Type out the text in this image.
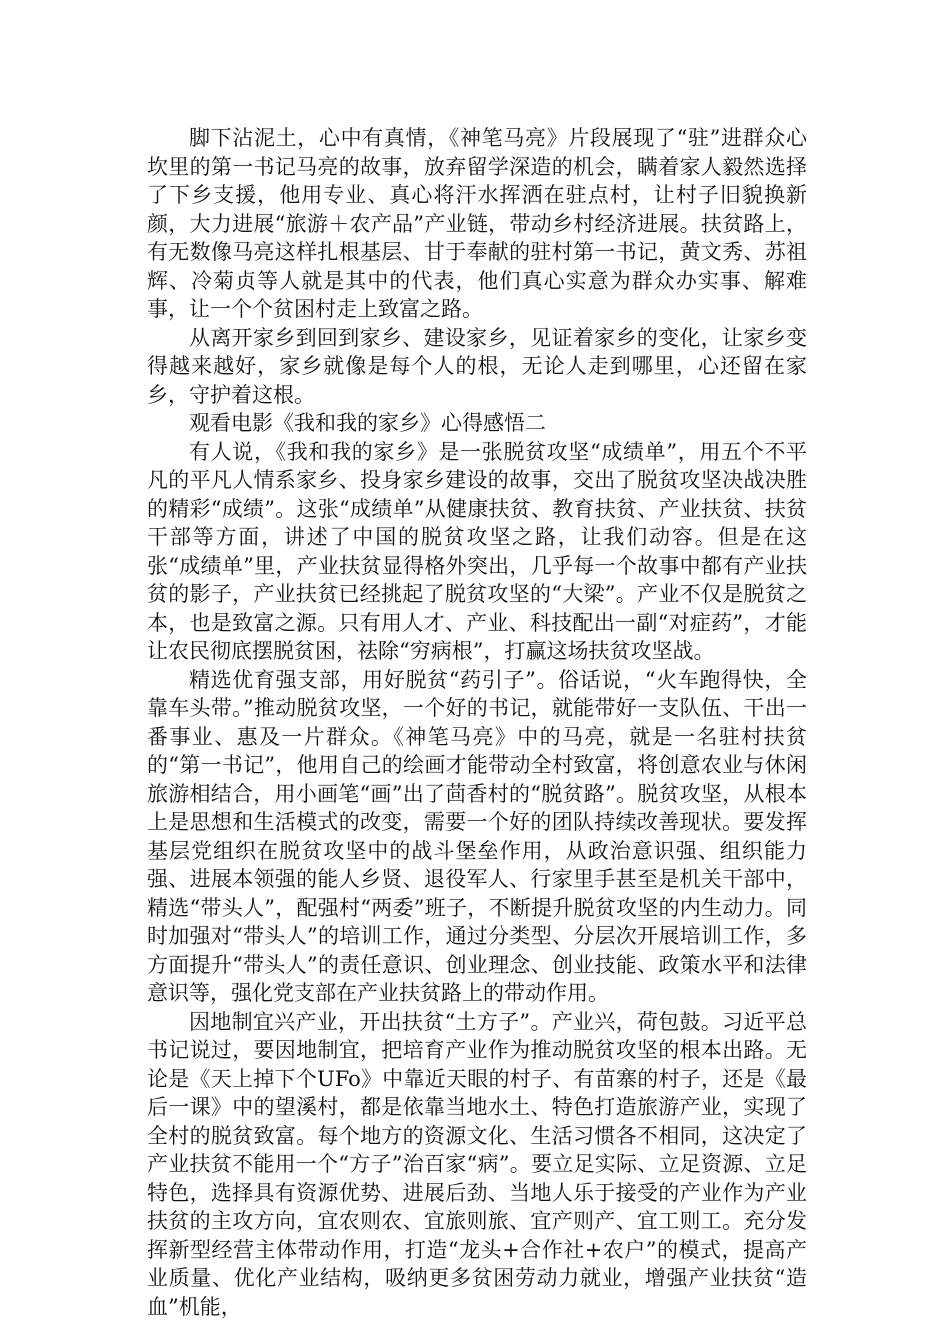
脚下沾泥土，心中有真情，《神笔马亮》片段展现了“驻”进群众心坎里的第一书记马亮的故事，放弃留学深造的机会，瞒着家人毅然选择了下乡支援，他用专业、真心将汗水挥洒在驻点村，让村子旧貌换新颜，大力进展“旅游＋农产品”产业链，带动乡村经济进展。扶贫路上，有无数像马亮这样扎根基层、甘于奉献的驻村第一书记，黄文秀、苏祖辉、冷菊贞等人就是其中的代表，他们真心实意为群众办实事、解难事，让一个个贫困村走上致富之路。

从离开家乡到回到家乡、建设家乡，见证着家乡的变化，让家乡变得越来越好，家乡就像是每个人的根，无论人走到哪里，心还留在家乡，守护着这根。

观看电影《我和我的家乡》心得感悟二

有人说，《我和我的家乡》是一张脱贫攻坚“成绩单”，用五个不平凡的平凡人情系家乡、投身家乡建设的故事，交出了脱贫攻坚决战决胜的精彩“成绩”。这张“成绩单”从健康扶贫、教育扶贫、产业扶贫、扶贫干部等方面，讲述了中国的脱贫攻坚之路，让我们动容。但是在这张“成绩单”里，产业扶贫显得格外突出，几乎每一个故事中都有产业扶贫的影子，产业扶贫已经挑起了脱贫攻坚的“大梁”。产业不仅是脱贫之本，也是致富之源。只有用人才、产业、科技配出一副“对症药”，才能让农民彻底摆脱贫困，祛除“穷病根”，打赢这场扶贫攻坚战。

精选优育强支部，用好脱贫“药引子”。俗话说，“火车跑得快，全靠车头带。”推动脱贫攻坚，一个好的书记，就能带好一支队伍、干出一番事业、惠及一片群众。《神笔马亮》中的马亮，就是一名驻村扶贫的“第一书记”，他用自己的绘画才能带动全村致富，将创意农业与休闲旅游相结合，用小画笔“画”出了茴香村的“脱贫路”。脱贫攻坚，从根本上是思想和生活模式的改变，需要一个好的团队持续改善现状。要发挥基层党组织在脱贫攻坚中的战斗堡垒作用，从政治意识强、组织能力强、进展本领强的能人乡贤、退役军人、行家里手甚至是机关干部中，精选“带头人”，配强村“两委”班子，不断提升脱贫攻坚的内生动力。同时加强对“带头人”的培训工作，通过分类型、分层次开展培训工作，多方面提升“带头人”的责任意识、创业理念、创业技能、政策水平和法律意识等，强化党支部在产业扶贫路上的带动作用。

因地制宜兴产业，开出扶贫“土方子”。产业兴，荷包鼓。习近平总书记说过，要因地制宜，把培育产业作为推动脱贫攻坚的根本出路。无论是《天上掉下个UFo》中靠近天眼的村子、有苗寨的村子，还是《最后一课》中的望溪村，都是依靠当地水土、特色打造旅游产业，实现了全村的脱贫致富。每个地方的资源文化、生活习惯各不相同，这决定了产业扶贫不能用一个“方子”治百家“病”。要立足实际、立足资源、立足特色，选择具有资源优势、进展后劲、当地人乐于接受的产业作为产业扶贫的主攻方向，宜农则农、宜旅则旅、宜产则产、宜工则工。充分发挥新型经营主体带动作用，打造“龙头+合作社+农户”的模式，提高产业质量、优化产业结构，吸纳更多贫困劳动力就业，增强产业扶贫“造血”机能，
